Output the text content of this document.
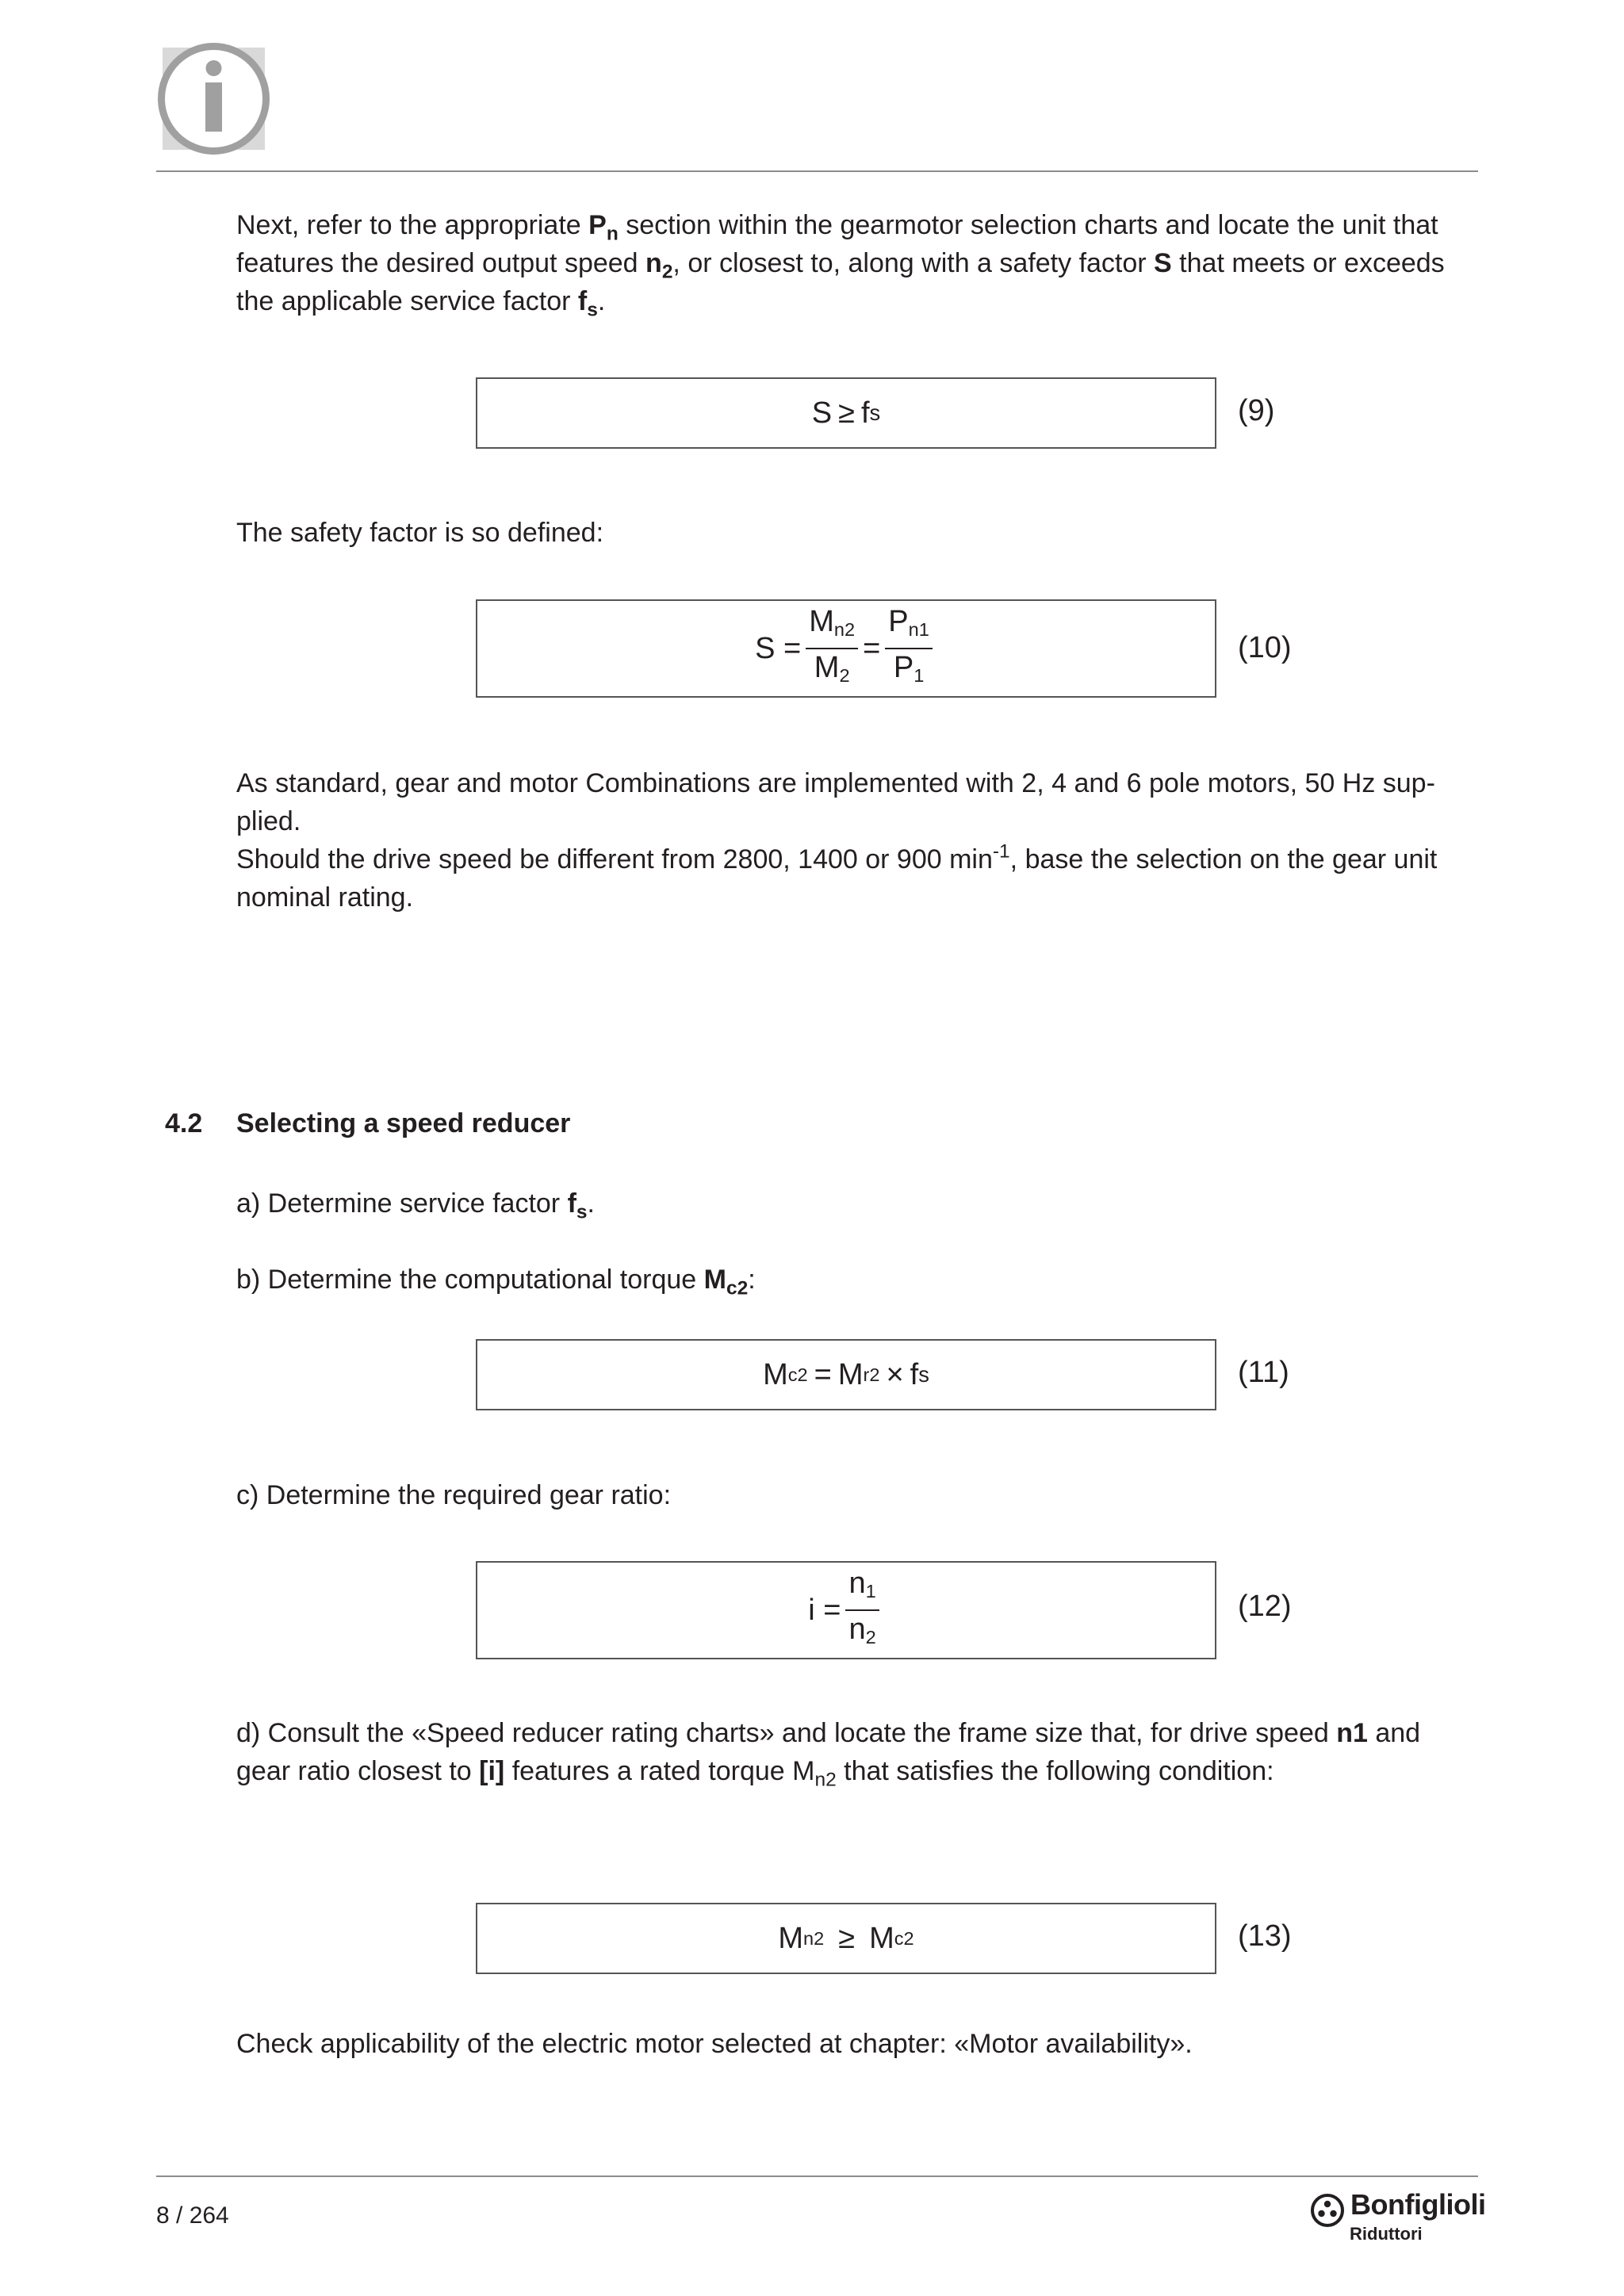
Next, refer to the appropriate $P_n$ section within the gearmotor selection charts and locate the unit that features the desired output speed $n_2$, or closest to, along with a safety factor S that meets or exceeds the applicable service factor $f_s$.

S ≥ f s	(9)

The safety factor is so defined:

$S = \frac{Mn2}{M2} = \frac{Pn1}{P1}$	(10)
As standard, gear and motor Combinations are implemented with 2, 4 and 6 pole motors, 50 Hz sup-
plied.
Should the drive speed be different from 2800, 1400 or 900 $\min^{-1}$, base the selection on the gear unit
nominal rating.
4.2 Selecting a speed reducer

a) Determine service factor $f_s$.

b) Determine the computational torque $M_{c2}$:

M c2 = M r2 × f s	(11)

c) Determine the required gear ratio:

$i = \frac{n1}{n2}$	(12)
d) Consult the «Speed reducer rating charts» and locate the frame size that, for drive speed n1 and
gear ratio closest to [i] features a rated torque $M_{n2}$ that satisfies the following condition:
M n2 ≥ M c2	(13)

Check applicability of the electric motor selected at chapter: «Motor availability».

8 / 264	Bonfiglioli
Riduttori
